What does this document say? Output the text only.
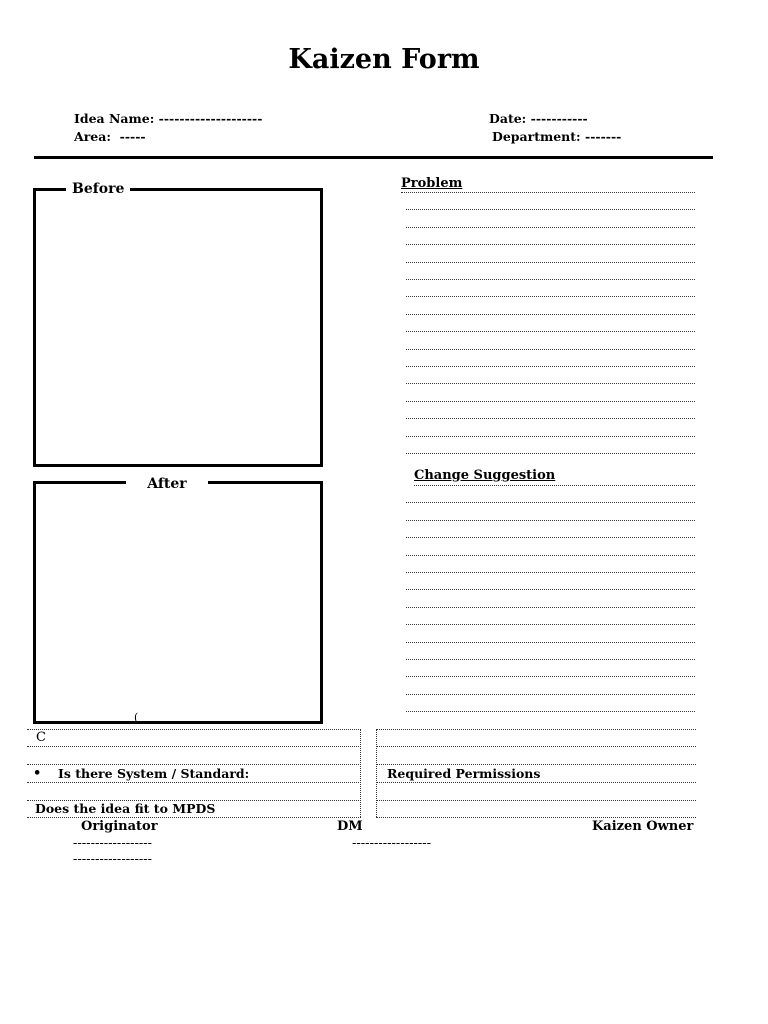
Kaizen Form
Idea Name: --------------------
Area: -----
Date: -----------
Department: -------
Before
After
(
Problem
Change Suggestion
C
• Is there System / Standard:	Required Permissions
Does the idea fit to MPDS
Originator	DM	Kaizen Owner
------------------	------------------
------------------
